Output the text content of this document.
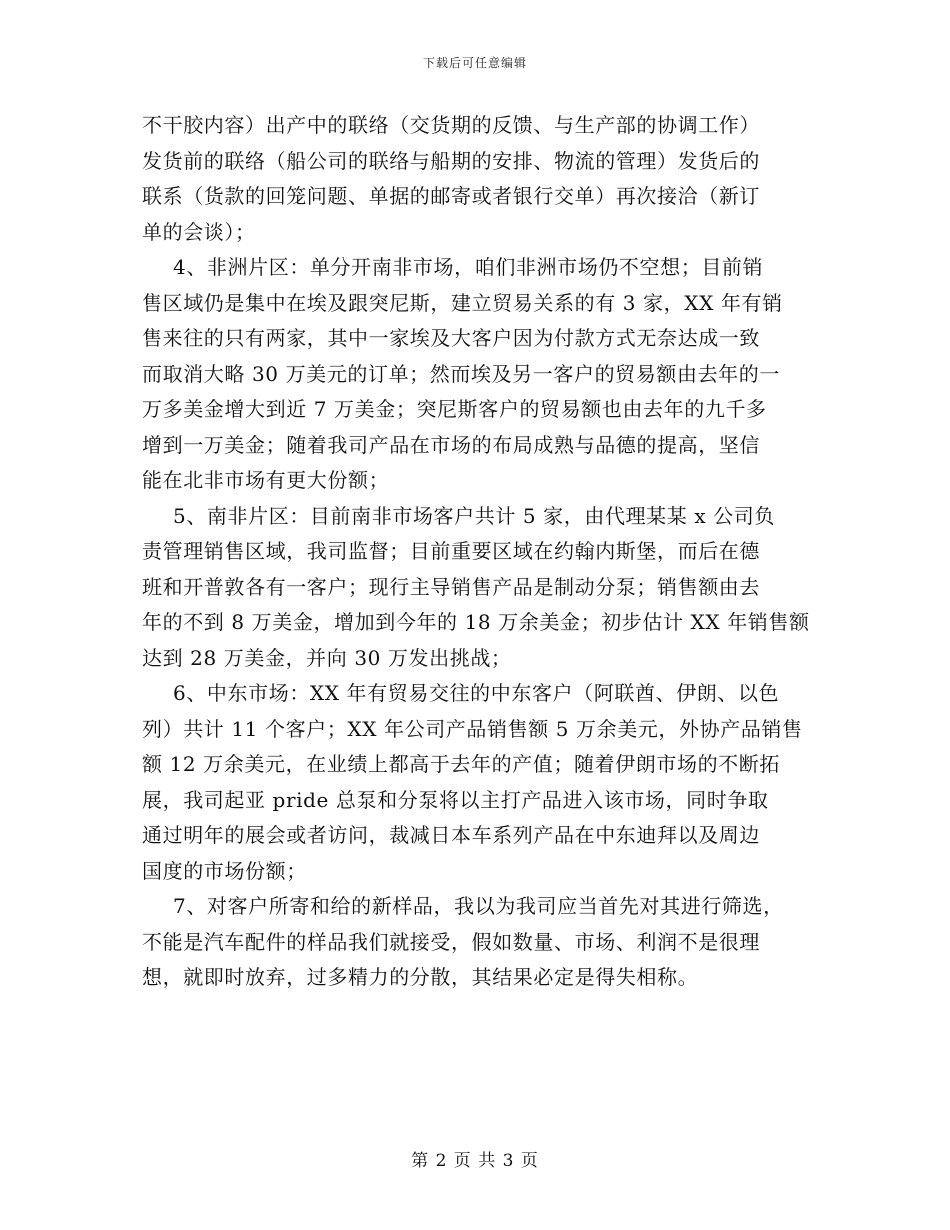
下载后可任意编辑
不干胶内容）出产中的联络（交货期的反馈、与生产部的协调工作）
发货前的联络（船公司的联络与船期的安排、物流的管理）发货后的
联系（货款的回笼问题、单据的邮寄或者银行交单）再次接洽（新订
单的会谈）；
4、非洲片区：单分开南非市场，咱们非洲市场仍不空想；目前销
售区域仍是集中在埃及跟突尼斯，建立贸易关系的有 3 家，XX 年有销
售来往的只有两家，其中一家埃及大客户因为付款方式无奈达成一致
而取消大略 30 万美元的订单；然而埃及另一客户的贸易额由去年的一
万多美金增大到近 7 万美金；突尼斯客户的贸易额也由去年的九千多
增到一万美金；随着我司产品在市场的布局成熟与品德的提高，坚信
能在北非市场有更大份额；
5、南非片区：目前南非市场客户共计 5 家，由代理某某 x 公司负
责管理销售区域，我司监督；目前重要区域在约翰内斯堡，而后在德
班和开普敦各有一客户；现行主导销售产品是制动分泵；销售额由去
年的不到 8 万美金，增加到今年的 18 万余美金；初步估计 XX 年销售额
达到 28 万美金，并向 30 万发出挑战；
6、中东市场：XX 年有贸易交往的中东客户（阿联酋、伊朗、以色
列）共计 11 个客户；XX 年公司产品销售额 5 万余美元，外协产品销售
额 12 万余美元，在业绩上都高于去年的产值；随着伊朗市场的不断拓
展，我司起亚 pride 总泵和分泵将以主打产品进入该市场，同时争取
通过明年的展会或者访问，裁减日本车系列产品在中东迪拜以及周边
国度的市场份额；
7、对客户所寄和给的新样品，我以为我司应当首先对其进行筛选，
不能是汽车配件的样品我们就接受，假如数量、市场、利润不是很理
想，就即时放弃，过多精力的分散，其结果必定是得失相称。
第 2 页 共 3 页
